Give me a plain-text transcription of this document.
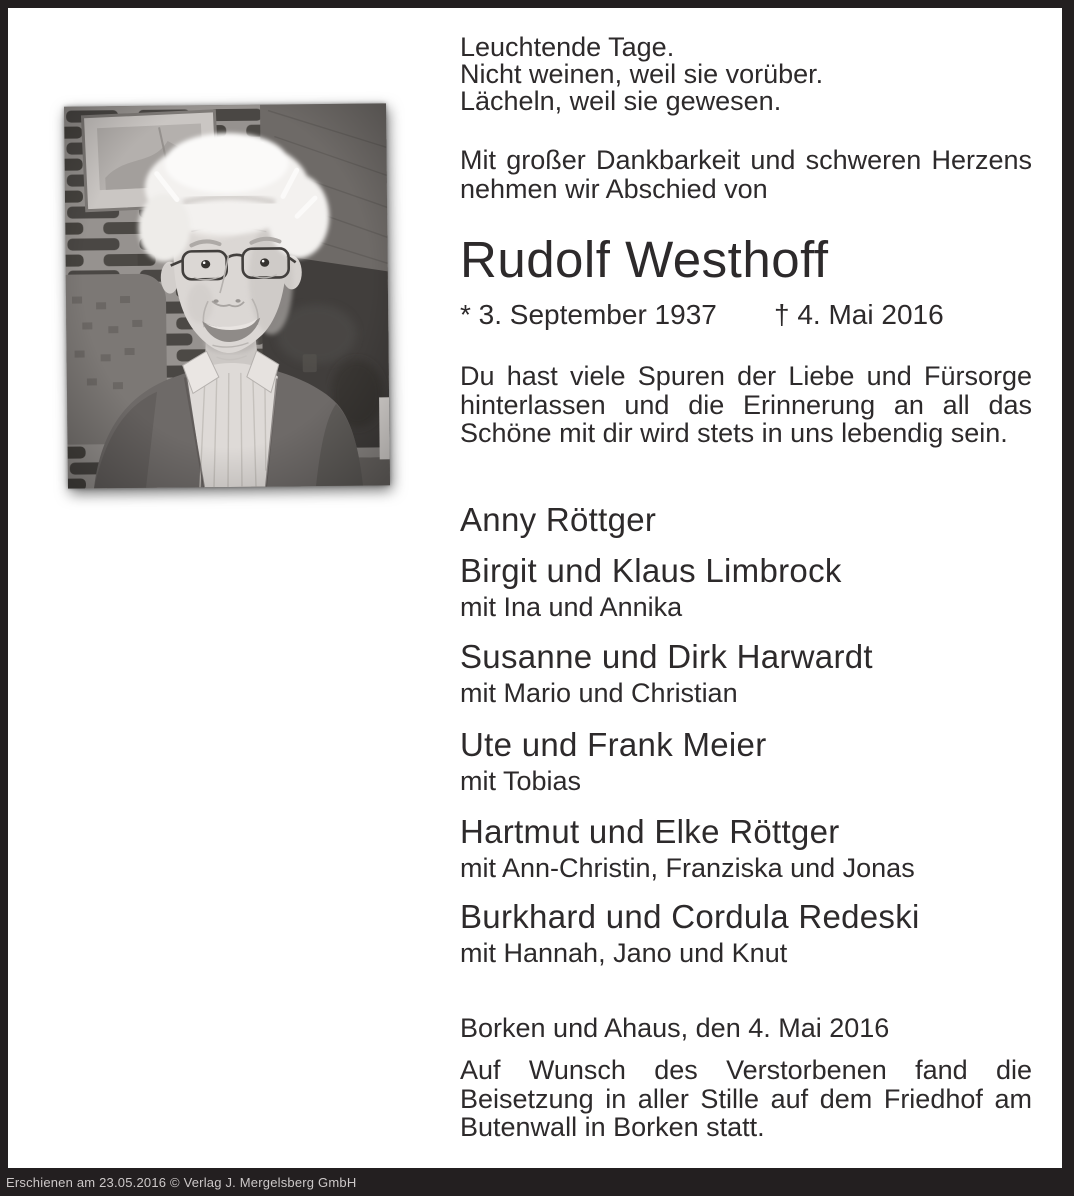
Leuchtende Tage.
Nicht weinen, weil sie vorüber.
Lächeln, weil sie gewesen.
Mit großer Dankbarkeit und schweren Herzens nehmen wir Abschied von
Rudolf Westhoff
* 3. September 1937 † 4. Mai 2016
Du hast viele Spuren der Liebe und Fürsorge hinterlassen und die Erinnerung an all das Schöne mit dir wird stets in uns lebendig sein.
Anny Röttger
Birgit und Klaus Limbrock
mit Ina und Annika
Susanne und Dirk Harwardt
mit Mario und Christian
Ute und Frank Meier
mit Tobias
Hartmut und Elke Röttger
mit Ann-Christin, Franziska und Jonas
Burkhard und Cordula Redeski
mit Hannah, Jano und Knut
Borken und Ahaus, den 4. Mai 2016
Auf Wunsch des Verstorbenen fand die Beisetzung in aller Stille auf dem Friedhof am Butenwall in Borken statt.
Erschienen am 23.05.2016 © Verlag J. Mergelsberg GmbH
